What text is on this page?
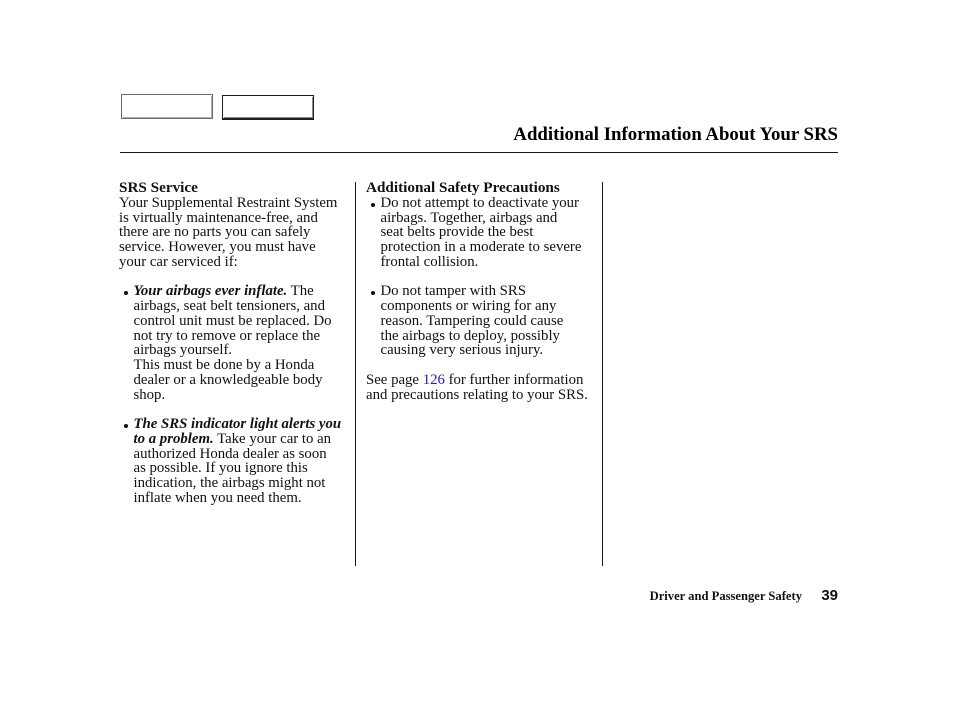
Additional Information About Your SRS
SRS Service
Your Supplemental Restraint System
is virtually maintenance-free, and
there are no parts you can safely
service. However, you must have
your car serviced if:
Your airbags ever inflate. The
airbags, seat belt tensioners, and
control unit must be replaced. Do
not try to remove or replace the
airbags yourself.
This must be done by a Honda
dealer or a knowledgeable body
shop.
The SRS indicator light alerts you
to a problem. Take your car to an
authorized Honda dealer as soon
as possible. If you ignore this
indication, the airbags might not
inflate when you need them.
Additional Safety Precautions
Do not attempt to deactivate your
airbags. Together, airbags and
seat belts provide the best
protection in a moderate to severe
frontal collision.
Do not tamper with SRS
components or wiring for any
reason. Tampering could cause
the airbags to deploy, possibly
causing very serious injury.
See page 126 for further information
and precautions relating to your SRS.
Driver and Passenger Safety 39
